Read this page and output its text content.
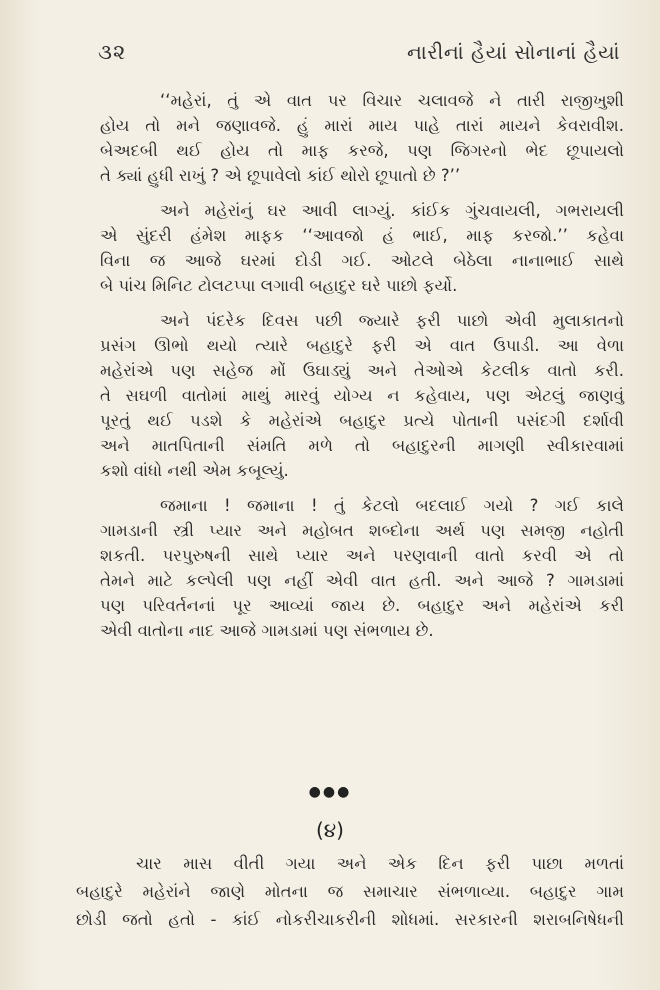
૩૨	નારીનાં હૈયાં સોનાનાં હૈયાં
‘‘મહેરાં, તું એ વાત પર વિચાર ચલાવજે ને તારી રાજીખુશી
હોય તો મને જણાવજે. હું મારાં માય પાહે તારાં માયને કેવરાવીશ.
બેઅદબી થઈ હોય તો માફ કરજે, પણ જિગરનો ભેદ છૂપાયલો
તે ક્યાં હુધી રાખું ? એ છૂપાવેલો કાંઈ થોરો છૂપાતો છે ?’’
અને મહેરાંનું ઘર આવી લાગ્યું. કાંઈક ગુંચવાયલી, ગભરાયલી
એ સુંદરી હંમેશ માફક ‘‘આવજો હં ભાઈ, માફ કરજો.’’ કહેવા
વિના જ આજે ઘરમાં દોડી ગઈ. ઓટલે બેઠેલા નાનાભાઈ સાથે
બે પાંચ મિનિટ ટોલટપ્પા લગાવી બહાદુર ઘરે પાછો ફર્યો.
અને પંદરેક દિવસ પછી જ્યારે ફરી પાછો એવી મુલાકાતનો
પ્રસંગ ઊભો થયો ત્યારે બહાદુરે ફરી એ વાત ઉપાડી. આ વેળા
મહેરાંએ પણ સહેજ મોં ઉઘાડ્યું અને તેઓએ કેટલીક વાતો કરી.
તે સઘળી વાતોમાં માથું મારવું યોગ્ય ન કહેવાય, પણ એટલું જાણવું
પૂરતું થઈ પડશે કે મહેરાંએ બહાદુર પ્રત્યે પોતાની પસંદગી દર્શાવી
અને માતપિતાની સંમતિ મળે તો બહાદુરની માગણી સ્વીકારવામાં
કશો વાંધો નથી એમ કબૂલ્યું.
જમાના ! જમાના ! તું કેટલો બદલાઈ ગયો ? ગઈ કાલે
ગામડાની સ્ત્રી પ્યાર અને મહોબત શબ્દોના અર્થ પણ સમજી નહોતી
શકતી. પરપુરુષની સાથે પ્યાર અને પરણવાની વાતો કરવી એ તો
તેમને માટે કલ્પેલી પણ નહીં એવી વાત હતી. અને આજે ? ગામડામાં
પણ પરિવર્તનનાં પૂર આવ્યાં જાય છે. બહાદુર અને મહેરાંએ કરી
એવી વાતોના નાદ આજે ગામડામાં પણ સંભળાય છે.
●●●
(૪)
ચાર માસ વીતી ગયા અને એક દિન ફરી પાછા મળતાં
બહાદુરે મહેરાંને જાણે મોતના જ સમાચાર સંભળાવ્યા. બહાદુર ગામ
છોડી જતો હતો - કાંઈ નોકરીચાકરીની શોધમાં. સરકારની શરાબનિષેધની
